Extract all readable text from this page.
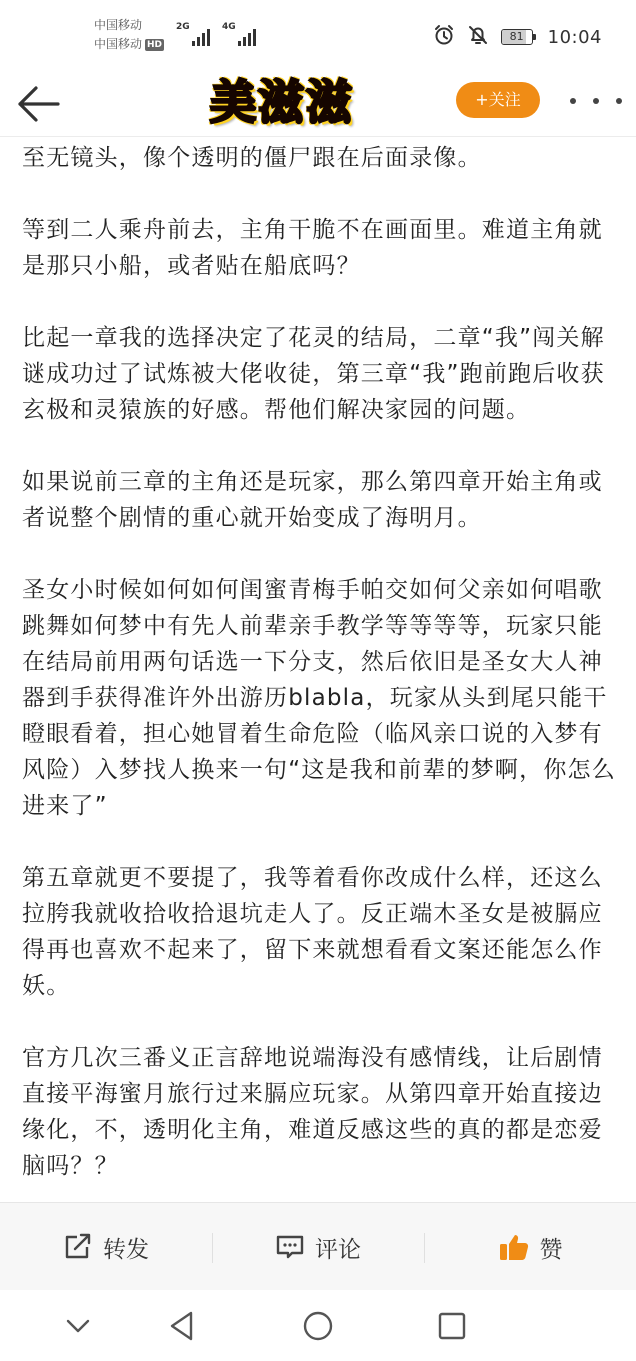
中国移动
中国移动 HD
2G	4G
81	10:04
美滋滋	+关注

至无镜头，像个透明的僵尸跟在后面录像。

等到二人乘舟前去，主角干脆不在画面里。难道主角就是那只小船，或者贴在船底吗？

比起一章我的选择决定了花灵的结局，二章“我”闯关解谜成功过了试炼被大佬收徒，第三章“我”跑前跑后收获玄极和灵猿族的好感。帮他们解决家园的问题。

如果说前三章的主角还是玩家，那么第四章开始主角或者说整个剧情的重心就开始变成了海明月。

圣女小时候如何如何闺蜜青梅手帕交如何父亲如何唱歌跳舞如何梦中有先人前辈亲手教学等等等等，玩家只能在结局前用两句话选一下分支，然后依旧是圣女大人神器到手获得准许外出游历blabla，玩家从头到尾只能干瞪眼看着，担心她冒着生命危险（临风亲口说的入梦有风险）入梦找人换来一句“这是我和前辈的梦啊，你怎么进来了”

第五章就更不要提了，我等着看你改成什么样，还这么拉胯我就收拾收拾退坑走人了。反正端木圣女是被膈应得再也喜欢不起来了，留下来就想看看文案还能怎么作妖。

官方几次三番义正言辞地说端海没有感情线，让后剧情直接平海蜜月旅行过来膈应玩家。从第四章开始直接边缘化，不，透明化主角，难道反感这些的真的都是恋爱脑吗？？

转发	评论	赞
